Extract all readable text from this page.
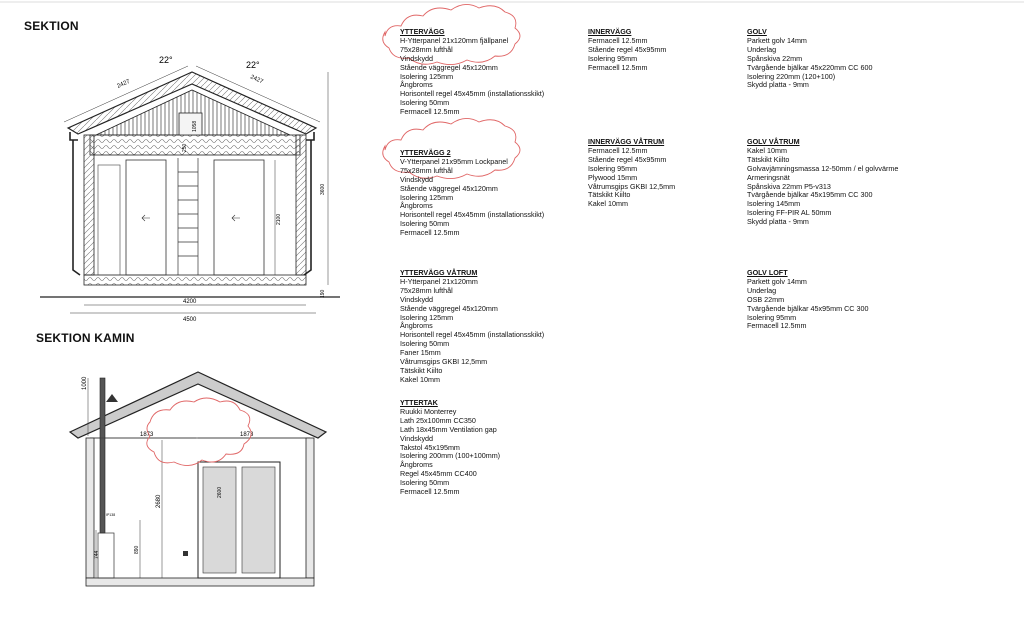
SEKTION
SEKTION KAMIN
22°	22°
2427	2427
1058
250
3600
2100
190
4200
4500
1000
1873	1873
2680
2600
890
744
IP138
YTTERVÄGG
H-Ytterpanel 21x120mm fjällpanel
75x28mm lufthål
Vindskydd
Stående väggregel 45x120mm
Isolering 125mm
Ångbroms
Horisontell regel 45x45mm (installationsskikt)
Isolering 50mm
Fermacell 12.5mm
YTTERVÄGG 2
V-Ytterpanel 21x95mm Lockpanel
75x28mm lufthål
Vindskydd
Stående väggregel 45x120mm
Isolering 125mm
Ångbroms
Horisontell regel 45x45mm (installationsskikt)
Isolering 50mm
Fermacell 12.5mm
YTTERVÄGG VÅTRUM
H-Ytterpanel 21x120mm
75x28mm lufthål
Vindskydd
Stående väggregel 45x120mm
Isolering 125mm
Ångbroms
Horisontell regel 45x45mm (installationsskikt)
Isolering 50mm
Faner 15mm
Våtrumsgips GKBI 12,5mm
Tätskikt Kiilto
Kakel 10mm
YTTERTAK
Ruukki Monterrey
Lath 25x100mm CC350
Lath 18x45mm Ventilation gap
Vindskydd
Takstol 45x195mm
Isolering 200mm (100+100mm)
Ångbroms
Regel 45x45mm CC400
Isolering 50mm
Fermacell 12.5mm
INNERVÄGG
Fermacell 12.5mm
Stående regel 45x95mm
Isolering 95mm
Fermacell 12.5mm
INNERVÄGG VÅTRUM
Fermacell 12.5mm
Stående regel 45x95mm
Isolering 95mm
Plywood 15mm
Våtrumsgips GKBI 12,5mm
Tätskikt Kiilto
Kakel 10mm
GOLV
Parkett golv 14mm
Underlag
Spånskiva 22mm
Tvärgående bjälkar 45x220mm CC 600
Isolering 220mm (120+100)
Skydd platta - 9mm
GOLV VÅTRUM
Kakel 10mm
Tätskikt Kiilto
Golvavjämningsmassa 12-50mm / el golvvärme
Armeringsnät
Spånskiva 22mm P5-v313
Tvärgående bjälkar 45x195mm CC 300
Isolering 145mm
Isolering FF-PIR AL 50mm
Skydd platta - 9mm
GOLV LOFT
Parkett golv 14mm
Underlag
OSB 22mm
Tvärgående bjälkar 45x95mm CC 300
Isolering 95mm
Fermacell 12.5mm
